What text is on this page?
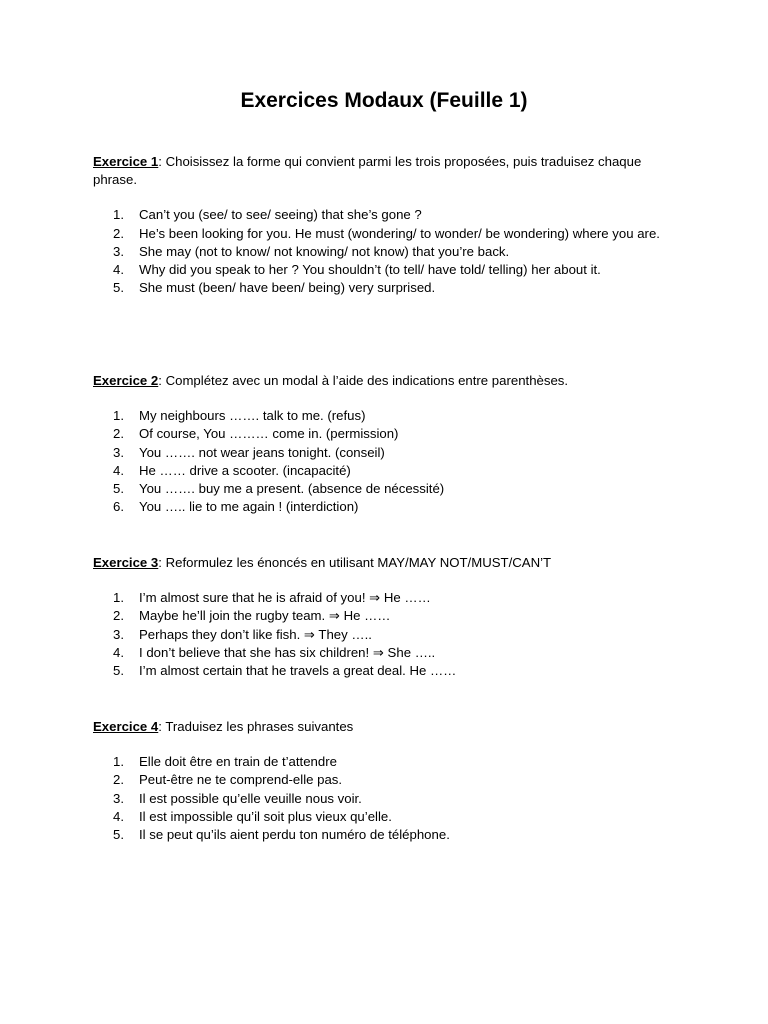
Exercices Modaux (Feuille 1)

Exercice 1: Choisissez la forme qui convient parmi les trois proposées, puis traduisez chaque phrase.

1.	Can’t you (see/ to see/ seeing) that she’s gone ?
2.	He’s been looking for you. He must (wondering/ to wonder/ be wondering) where you are.
3.	She may (not to know/ not knowing/ not know) that you’re back.
4.	Why did you speak to her ? You shouldn’t (to tell/ have told/ telling) her about it.
5.	She must (been/ have been/ being) very surprised.

Exercice 2: Complétez avec un modal à l’aide des indications entre parenthèses.

1.	My neighbours ……. talk to me. (refus)
2.	Of course, You ……… come in. (permission)
3.	You ……. not wear jeans tonight. (conseil)
4.	He …… drive a scooter. (incapacité)
5.	You ……. buy me a present. (absence de nécessité)
6.	You ….. lie to me again ! (interdiction)

Exercice 3: Reformulez les énoncés en utilisant MAY/MAY NOT/MUST/CAN’T

1.	I’m almost sure that he is afraid of you! ⇒ He ……
2.	Maybe he’ll join the rugby team. ⇒ He ……
3.	Perhaps they don’t like fish. ⇒ They …..
4.	I don’t believe that she has six children! ⇒ She …..
5.	I’m almost certain that he travels a great deal. He ……

Exercice 4: Traduisez les phrases suivantes

1.	Elle doit être en train de t’attendre
2.	Peut-être ne te comprend-elle pas.
3.	Il est possible qu’elle veuille nous voir.
4.	Il est impossible qu’il soit plus vieux qu’elle.
5.	Il se peut qu’ils aient perdu ton numéro de téléphone.
